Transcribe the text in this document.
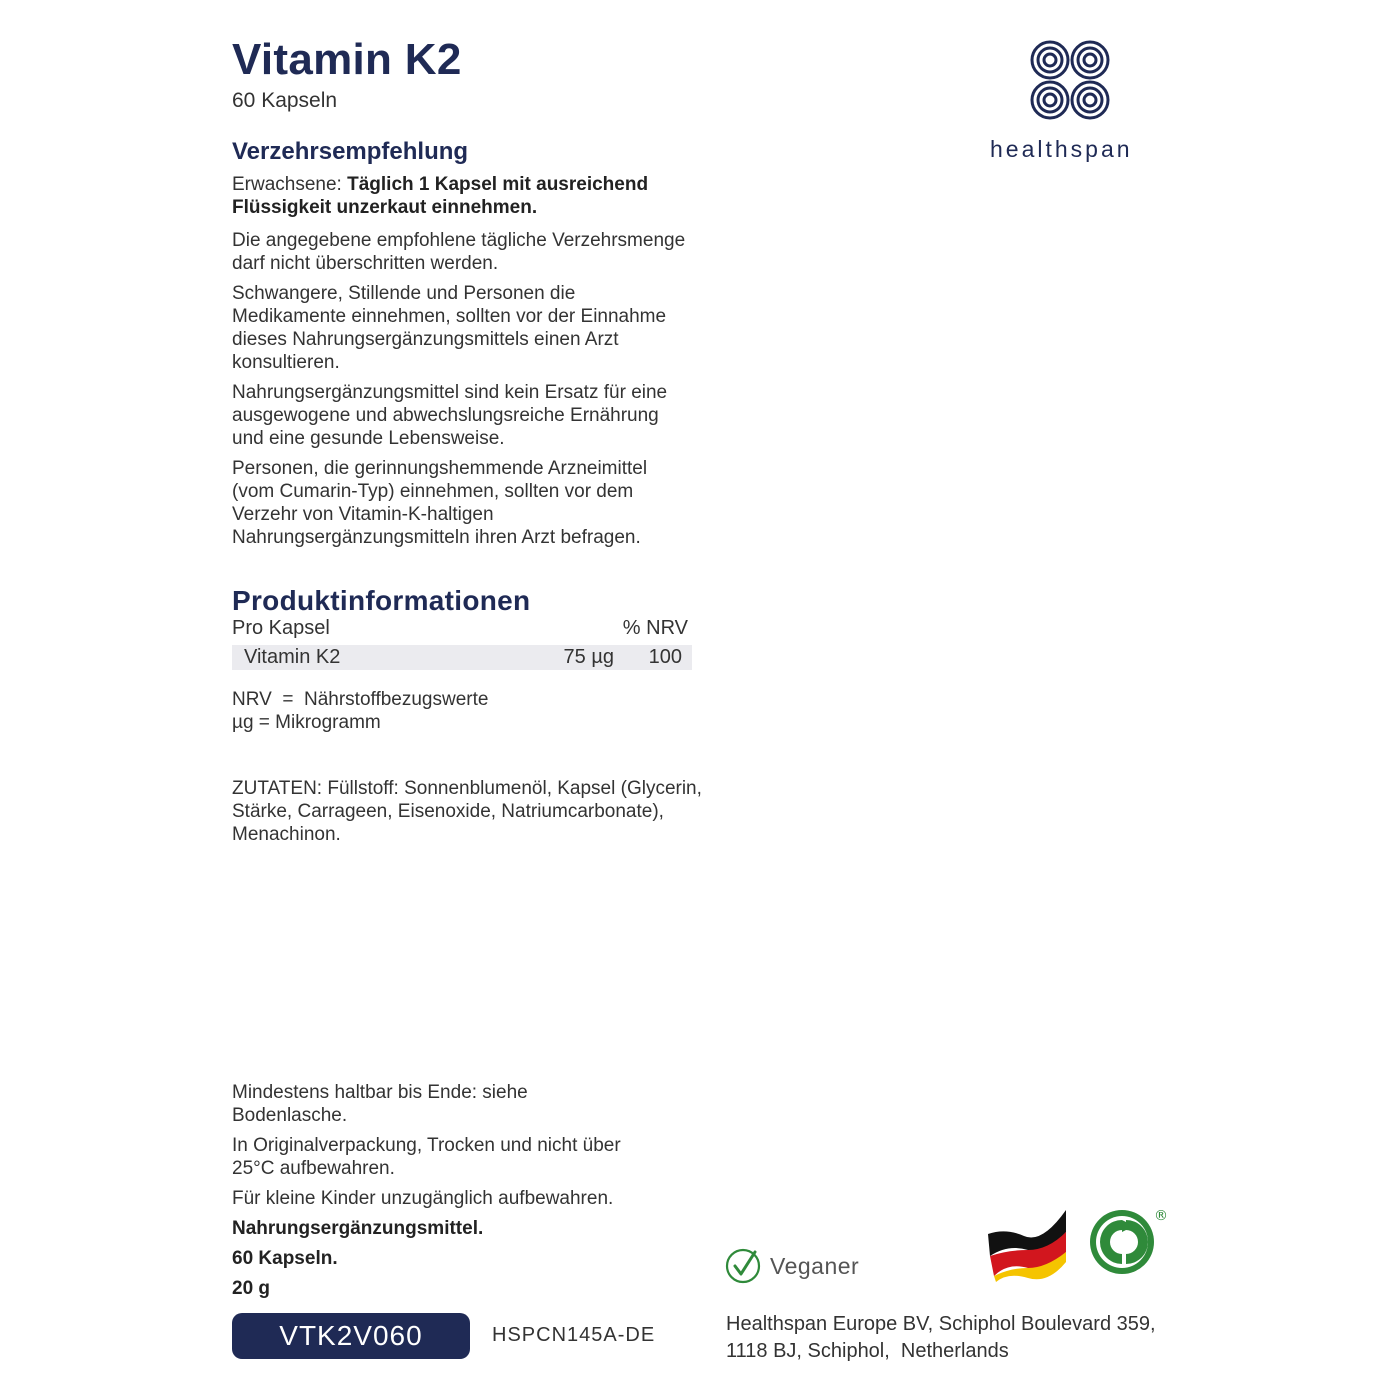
Vitamin K2
60 Kapseln
healthspan
Verzehrsempfehlung
Erwachsene: Täglich 1 Kapsel mit ausreichend Flüssigkeit unzerkaut einnehmen.

Die angegebene empfohlene tägliche Verzehrsmenge darf nicht überschritten werden.

Schwangere, Stillende und Personen die Medikamente einnehmen, sollten vor der Einnahme dieses Nahrungsergänzungsmittels einen Arzt konsultieren.

Nahrungsergänzungsmittel sind kein Ersatz für eine ausgewogene und abwechslungsreiche Ernährung und eine gesunde Lebensweise.

Personen, die gerinnungshemmende Arzneimittel (vom Cumarin-Typ) einnehmen, sollten vor dem Verzehr von Vitamin-K-haltigen Nahrungsergänzungsmitteln ihren Arzt befragen.

Produktinformationen
Pro Kapsel	% NRV
Vitamin K2	75 µg 100
NRV  =  Nährstoffbezugswerte
µg = Mikrogramm
ZUTATEN: Füllstoff: Sonnenblumenöl, Kapsel (Glycerin, Stärke, Carrageen, Eisenoxide, Natriumcarbonate), Menachinon.

Mindestens haltbar bis Ende: siehe Bodenlasche.

In Originalverpackung, Trocken und nicht über 25°C aufbewahren.

Für kleine Kinder unzugänglich aufbewahren.

Nahrungsergänzungsmittel.

60 Kapseln.

20 g

VTK2V060	HSPCN145A-DE
Veganer
®
Healthspan Europe BV, Schiphol Boulevard 359,
1118 BJ, Schiphol,  Netherlands
